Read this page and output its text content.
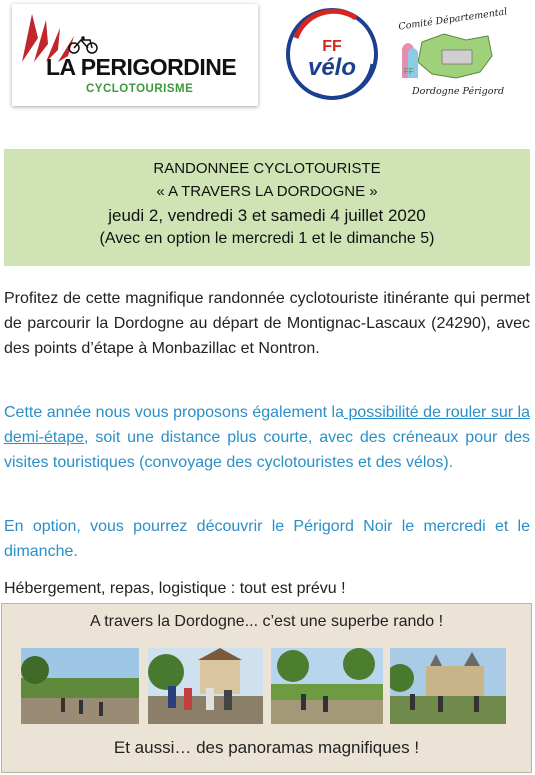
LA PERIGORDINE
CYCLOTOURISME
FF
vélo	FF
Comité Départemental
Dordogne Périgord
RANDONNEE CYCLOTOURISTE
« A TRAVERS LA DORDOGNE »
jeudi 2, vendredi 3 et samedi 4 juillet 2020
(Avec en option le mercredi 1 et le dimanche 5)
Profitez de cette magnifique randonnée cyclotouriste itinérante qui permet de parcourir la Dordogne au départ de Montignac-Lascaux (24290), avec des points d’étape à Monbazillac et Nontron.
Cette année nous vous proposons également la possibilité de rouler sur la demi-étape, soit une distance plus courte, avec des créneaux pour des visites touristiques (convoyage des cyclotouristes et des vélos).
En option, vous pourrez découvrir le Périgord Noir le mercredi et le dimanche.
Hébergement, repas, logistique : tout est prévu !
A travers la Dordogne... c’est une superbe rando !
Et aussi… des panoramas magnifiques !
